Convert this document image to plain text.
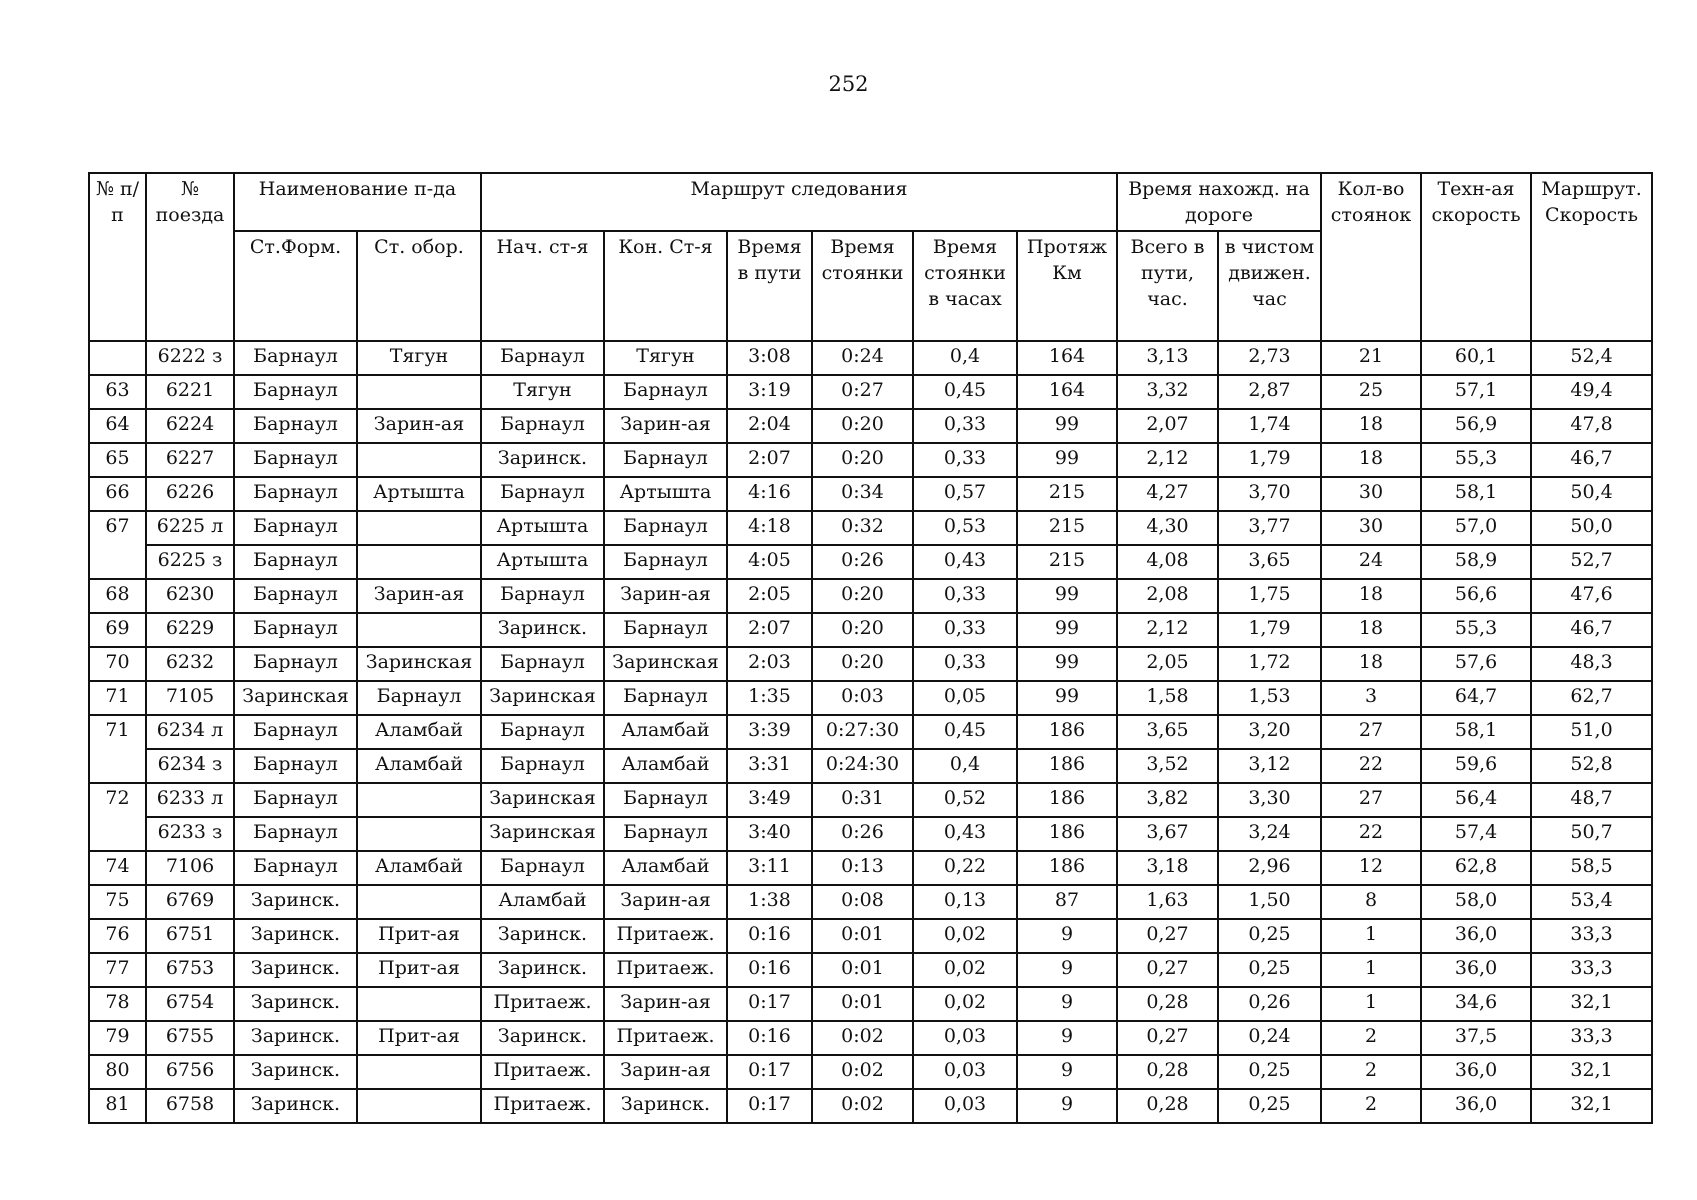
252
№ п/п	№ поезда	Наименование п-да		Маршрут следования						Время нахожд. на дороге		Кол-во стоянок	Техн-ая скорость	Маршрут. Скорость
		Ст.Форм.	Ст. обор.	Нач. ст-я	Кон. Ст-я	Время в пути	Время стоянки	Время стоянки в часах	Протяж Км	Всего в пути, час.	в чистом движен. час			
	6222 з	Барнаул	Тягун	Барнаул	Тягун	3:08	0:24	0,4	164	3,13	2,73	21	60,1	52,4
63	6221	Барнаул		Тягун	Барнаул	3:19	0:27	0,45	164	3,32	2,87	25	57,1	49,4
64	6224	Барнаул	Зарин-ая	Барнаул	Зарин-ая	2:04	0:20	0,33	99	2,07	1,74	18	56,9	47,8
65	6227	Барнаул		Заринск.	Барнаул	2:07	0:20	0,33	99	2,12	1,79	18	55,3	46,7
66	6226	Барнаул	Артышта	Барнаул	Артышта	4:16	0:34	0,57	215	4,27	3,70	30	58,1	50,4
67	6225 л	Барнаул		Артышта	Барнаул	4:18	0:32	0,53	215	4,30	3,77	30	57,0	50,0
	6225 з	Барнаул		Артышта	Барнаул	4:05	0:26	0,43	215	4,08	3,65	24	58,9	52,7
68	6230	Барнаул	Зарин-ая	Барнаул	Зарин-ая	2:05	0:20	0,33	99	2,08	1,75	18	56,6	47,6
69	6229	Барнаул		Заринск.	Барнаул	2:07	0:20	0,33	99	2,12	1,79	18	55,3	46,7
70	6232	Барнаул	Заринская	Барнаул	Заринская	2:03	0:20	0,33	99	2,05	1,72	18	57,6	48,3
71	7105	Заринская	Барнаул	Заринская	Барнаул	1:35	0:03	0,05	99	1,58	1,53	3	64,7	62,7
71	6234 л	Барнаул	Аламбай	Барнаул	Аламбай	3:39	0:27:30	0,45	186	3,65	3,20	27	58,1	51,0
	6234 з	Барнаул	Аламбай	Барнаул	Аламбай	3:31	0:24:30	0,4	186	3,52	3,12	22	59,6	52,8
72	6233 л	Барнаул		Заринская	Барнаул	3:49	0:31	0,52	186	3,82	3,30	27	56,4	48,7
	6233 з	Барнаул		Заринская	Барнаул	3:40	0:26	0,43	186	3,67	3,24	22	57,4	50,7
74	7106	Барнаул	Аламбай	Барнаул	Аламбай	3:11	0:13	0,22	186	3,18	2,96	12	62,8	58,5
75	6769	Заринск.		Аламбай	Зарин-ая	1:38	0:08	0,13	87	1,63	1,50	8	58,0	53,4
76	6751	Заринск.	Прит-ая	Заринск.	Притаеж.	0:16	0:01	0,02	9	0,27	0,25	1	36,0	33,3
77	6753	Заринск.	Прит-ая	Заринск.	Притаеж.	0:16	0:01	0,02	9	0,27	0,25	1	36,0	33,3
78	6754	Заринск.		Притаеж.	Зарин-ая	0:17	0:01	0,02	9	0,28	0,26	1	34,6	32,1
79	6755	Заринск.	Прит-ая	Заринск.	Притаеж.	0:16	0:02	0,03	9	0,27	0,24	2	37,5	33,3
80	6756	Заринск.		Притаеж.	Зарин-ая	0:17	0:02	0,03	9	0,28	0,25	2	36,0	32,1
81	6758	Заринск.		Притаеж.	Заринск.	0:17	0:02	0,03	9	0,28	0,25	2	36,0	32,1
